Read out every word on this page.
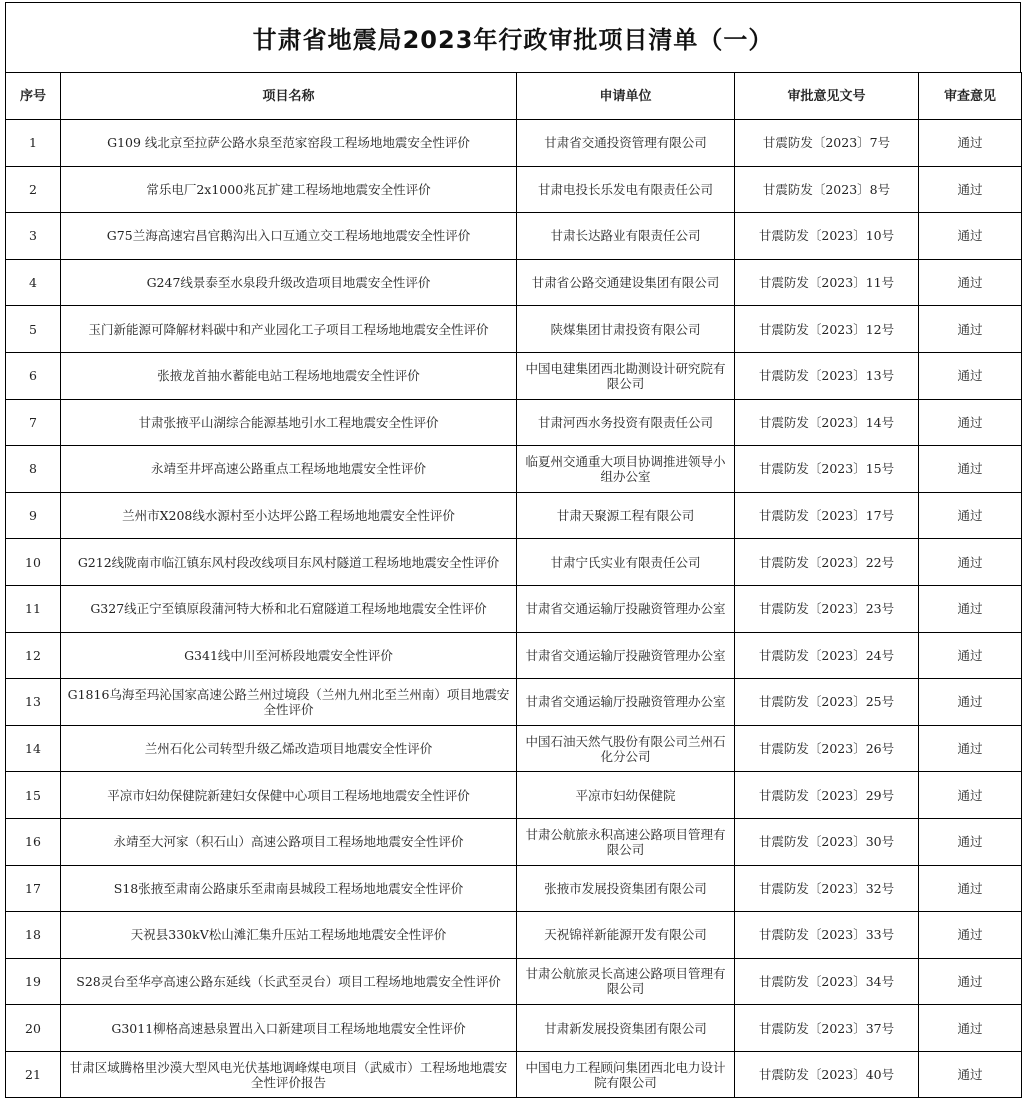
甘肃省地震局2023年行政审批项目清单（一）
序号	项目名称	申请单位	审批意见文号	审查意见
1	G109 线北京至拉萨公路水泉至范家窑段工程场地地震安全性评价	甘肃省交通投资管理有限公司	甘震防发〔2023〕7号	通过
2	常乐电厂2x1000兆瓦扩建工程场地地震安全性评价	甘肃电投长乐发电有限责任公司	甘震防发〔2023〕8号	通过
3	G75兰海高速宕昌官鹅沟出入口互通立交工程场地地震安全性评价	甘肃长达路业有限责任公司	甘震防发〔2023〕10号	通过
4	G247线景泰至水泉段升级改造项目地震安全性评价	甘肃省公路交通建设集团有限公司	甘震防发〔2023〕11号	通过
5	玉门新能源可降解材料碳中和产业园化工子项目工程场地地震安全性评价	陕煤集团甘肃投资有限公司	甘震防发〔2023〕12号	通过
6	张掖龙首抽水蓄能电站工程场地地震安全性评价	中国电建集团西北勘测设计研究院有限公司	甘震防发〔2023〕13号	通过
7	甘肃张掖平山湖综合能源基地引水工程地震安全性评价	甘肃河西水务投资有限责任公司	甘震防发〔2023〕14号	通过
8	永靖至井坪高速公路重点工程场地地震安全性评价	临夏州交通重大项目协调推进领导小组办公室	甘震防发〔2023〕15号	通过
9	兰州市X208线水源村至小达坪公路工程场地地震安全性评价	甘肃天聚源工程有限公司	甘震防发〔2023〕17号	通过
10	G212线陇南市临江镇东风村段改线项目东风村隧道工程场地地震安全性评价	甘肃宁氏实业有限责任公司	甘震防发〔2023〕22号	通过
11	G327线正宁至镇原段蒲河特大桥和北石窟隧道工程场地地震安全性评价	甘肃省交通运输厅投融资管理办公室	甘震防发〔2023〕23号	通过
12	G341线中川至河桥段地震安全性评价	甘肃省交通运输厅投融资管理办公室	甘震防发〔2023〕24号	通过
13	G1816乌海至玛沁国家高速公路兰州过境段（兰州九州北至兰州南）项目地震安全性评价	甘肃省交通运输厅投融资管理办公室	甘震防发〔2023〕25号	通过
14	兰州石化公司转型升级乙烯改造项目地震安全性评价	中国石油天然气股份有限公司兰州石化分公司	甘震防发〔2023〕26号	通过
15	平凉市妇幼保健院新建妇女保健中心项目工程场地地震安全性评价	平凉市妇幼保健院	甘震防发〔2023〕29号	通过
16	永靖至大河家（积石山）高速公路项目工程场地地震安全性评价	甘肃公航旅永积高速公路项目管理有限公司	甘震防发〔2023〕30号	通过
17	S18张掖至肃南公路康乐至肃南县城段工程场地地震安全性评价	张掖市发展投资集团有限公司	甘震防发〔2023〕32号	通过
18	天祝县330kV松山滩汇集升压站工程场地地震安全性评价	天祝锦祥新能源开发有限公司	甘震防发〔2023〕33号	通过
19	S28灵台至华亭高速公路东延线（长武至灵台）项目工程场地地震安全性评价	甘肃公航旅灵长高速公路项目管理有限公司	甘震防发〔2023〕34号	通过
20	G3011柳格高速悬泉置出入口新建项目工程场地地震安全性评价	甘肃新发展投资集团有限公司	甘震防发〔2023〕37号	通过
21	甘肃区域腾格里沙漠大型风电光伏基地调峰煤电项目（武威市）工程场地地震安全性评价报告	中国电力工程顾问集团西北电力设计院有限公司	甘震防发〔2023〕40号	通过
